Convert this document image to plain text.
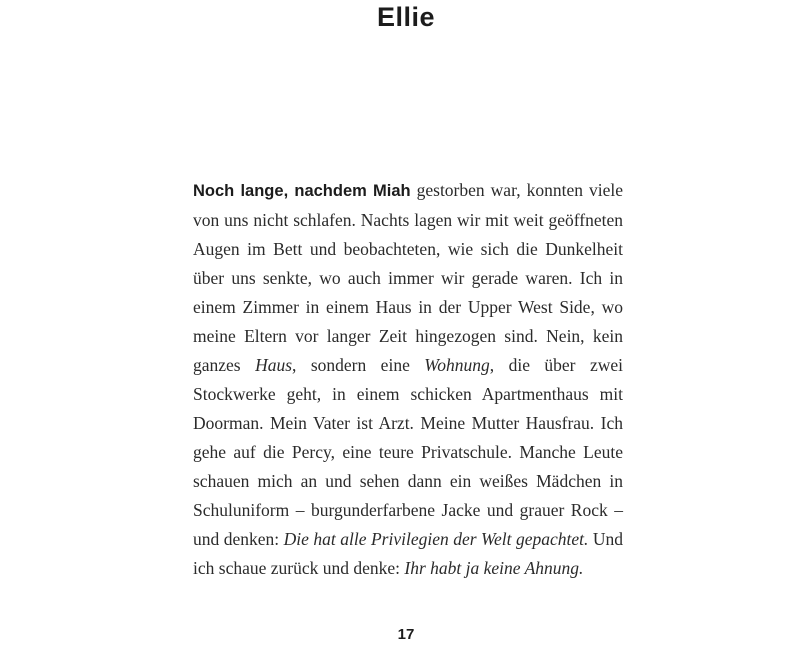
Ellie

Noch lange, nachdem Miah gestorben war, konnten viele von uns nicht schlafen. Nachts lagen wir mit weit geöffneten Augen im Bett und beobachteten, wie sich die Dunkelheit über uns senkte, wo auch immer wir gerade waren. Ich in einem Zimmer in einem Haus in der Upper West Side, wo meine Eltern vor langer Zeit hingezogen sind. Nein, kein ganzes Haus, sondern eine Wohnung, die über zwei Stockwerke geht, in einem schicken Apartmenthaus mit Doorman. Mein Vater ist Arzt. Meine Mutter Hausfrau. Ich gehe auf die Percy, eine teure Privatschule. Manche Leute schauen mich an und sehen dann ein weißes Mädchen in Schuluniform – burgunderfarbene Jacke und grauer Rock – und denken: Die hat alle Privilegien der Welt gepachtet. Und ich schaue zurück und denke: Ihr habt ja keine Ahnung.

17
